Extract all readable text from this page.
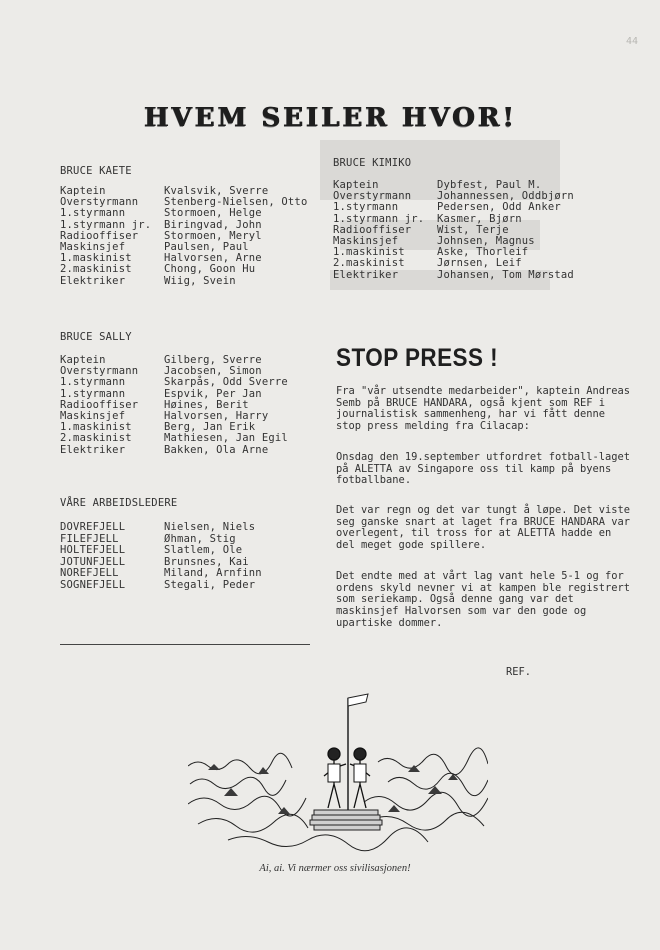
44
HVEM SEILER HVOR!
BRUCE KAETE
Kaptein	Kvalsvik, Sverre
Overstyrmann	Stenberg-Nielsen, Otto
1.styrmann	Stormoen, Helge
1.styrmann jr.	Biringvad, John
Radiooffiser	Stormoen, Meryl
Maskinsjef	Paulsen, Paul
1.maskinist	Halvorsen, Arne
2.maskinist	Chong, Goon Hu
Elektriker	Wiig, Svein
BRUCE KIMIKO
Kaptein	Dybfest, Paul M.
Overstyrmann	Johannessen, Oddbjørn
1.styrmann	Pedersen, Odd Anker
1.styrmann jr.	Kasmer, Bjørn
Radiooffiser	Wist, Terje
Maskinsjef	Johnsen, Magnus
1.maskinist	Aske, Thorleif
2.maskinist	Jørnsen, Leif
Elektriker	Johansen, Tom Mørstad
BRUCE SALLY
Kaptein	Gilberg, Sverre
Overstyrmann	Jacobsen, Simon
1.styrmann	Skarpås, Odd Sverre
1.styrmann	Espvik, Per Jan
Radiooffiser	Høines, Berit
Maskinsjef	Halvorsen, Harry
1.maskinist	Berg, Jan Erik
2.maskinist	Mathiesen, Jan Egil
Elektriker	Bakken, Ola Arne
VÅRE ARBEIDSLEDERE
DOVREFJELL	Nielsen, Niels
FILEFJELL	Øhman, Stig
HOLTEFJELL	Slatlem, Ole
JOTUNFJELL	Brunsnes, Kai
NOREFJELL	Miland, Arnfinn
SOGNEFJELL	Stegali, Peder
STOP PRESS !

Fra "vår utsendte medarbeider", kaptein Andreas Semb på BRUCE HANDARA, også kjent som REF i journalistisk sammenheng, har vi fått denne stop press melding fra Cilacap:

Onsdag den 19.september utfordret fotball-laget på ALETTA av Singapore oss til kamp på byens fotballbane.

Det var regn og det var tungt å løpe. Det viste seg ganske snart at laget fra BRUCE HANDARA var overlegent, til tross for at ALETTA hadde en del meget gode spillere.

Det endte med at vårt lag vant hele 5-1 og for ordens skyld nevner vi at kampen ble registrert som seriekamp. Også denne gang var det maskinsjef Halvorsen som var den gode og upartiske dommer.

REF.
Ai, ai. Vi nærmer oss sivilisasjonen!
